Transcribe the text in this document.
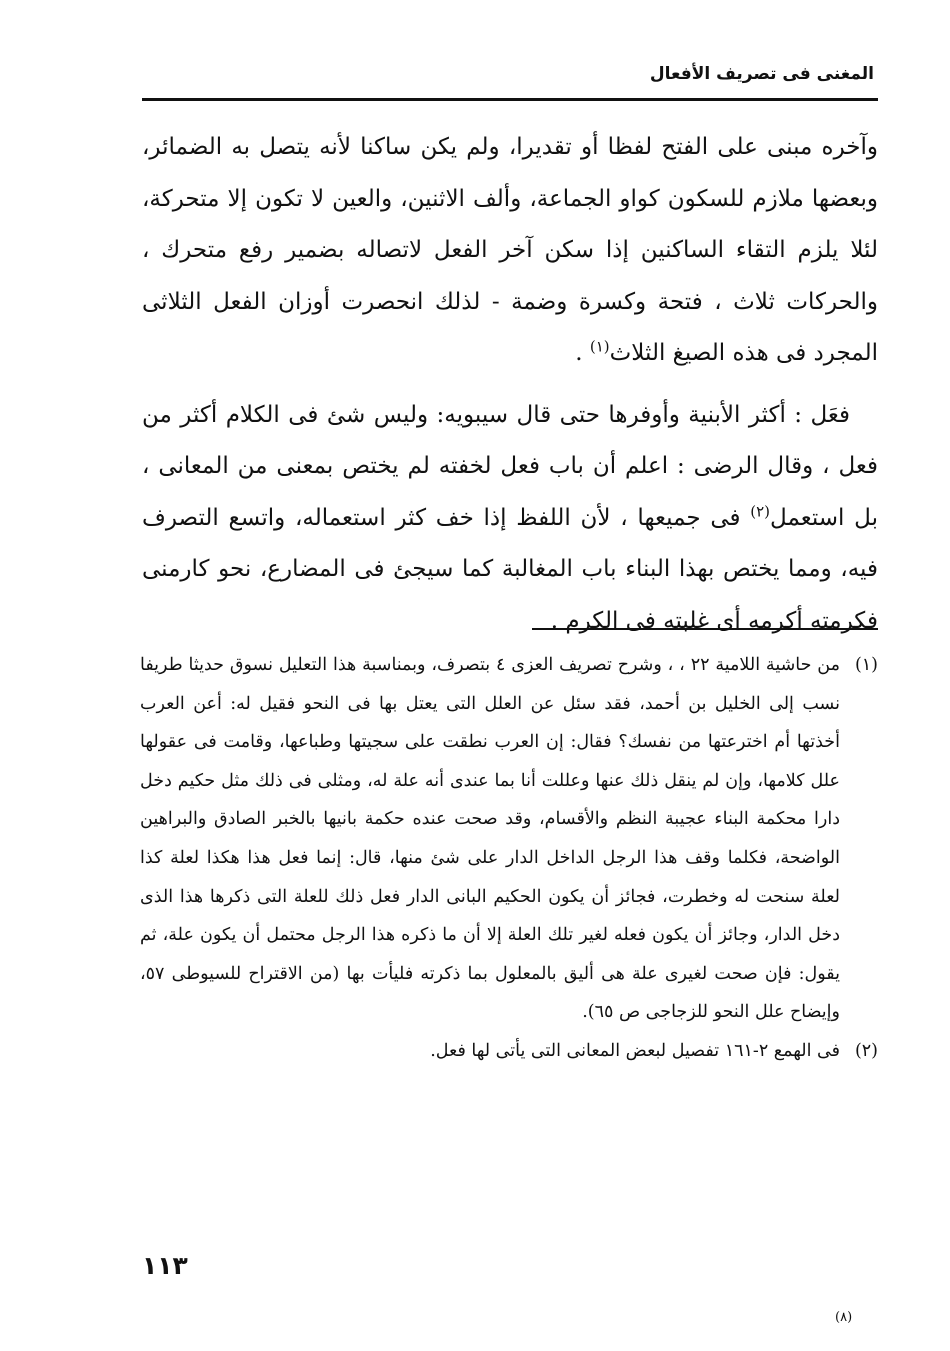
المغنى فى تصريف الأفعال

وآخره مبنى على الفتح لفظا أو تقديرا، ولم يكن ساكنا لأنه يتصل به الضمائر، وبعضها ملازم للسكون كواو الجماعة، وألف الاثنين، والعين لا تكون إلا متحركة، لئلا يلزم التقاء الساكنين إذا سكن آخر الفعل لاتصاله بضمير رفع متحرك ، والحركات ثلاث ، فتحة وكسرة وضمة - لذلك انحصرت أوزان الفعل الثلاثى المجرد فى هذه الصيغ الثلاث$^{(١)}$ .

فعَل : أكثر الأبنية وأوفرها حتى قال سيبويه: وليس شئ فى الكلام أكثر من فعل ، وقال الرضى : اعلم أن باب فعل لخفته لم يختص بمعنى من المعانى ، بل استعمل$^{(٢)}$ فى جميعها ، لأن اللفظ إذا خف كثر استعماله، واتسع التصرف فيه، ومما يختص بهذا البناء باب المغالبة كما سيجئ فى المضارع، نحو كارمنى فكرمته أكرمه أى غلبته فى الكرم .

(١)
من حاشية اللامية ٢٢ ، ، وشرح تصريف العزى ٤ بتصرف، وبمناسبة هذا التعليل نسوق حديثا طريفا نسب إلى الخليل بن أحمد، فقد سئل عن العلل التى يعتل بها فى النحو فقيل له: أعن العرب أخذتها أم اخترعتها من نفسك؟ فقال: إن العرب نطقت على سجيتها وطباعها، وقامت فى عقولها علل كلامها، وإن لم ينقل ذلك عنها وعللت أنا بما عندى أنه علة له، ومثلى فى ذلك مثل حكيم دخل دارا محكمة البناء عجيبة النظم والأقسام، وقد صحت عنده حكمة بانيها بالخبر الصادق والبراهين الواضحة، فكلما وقف هذا الرجل الداخل الدار على شئ منها، قال: إنما فعل هذا هكذا لعلة كذا لعلة سنحت له وخطرت، فجائز أن يكون الحكيم البانى الدار فعل ذلك للعلة التى ذكرها هذا الذى دخل الدار، وجائز أن يكون فعله لغير تلك العلة إلا أن ما ذكره هذا الرجل محتمل أن يكون علة، ثم يقول: فإن صحت لغيرى علة هى أليق بالمعلول بما ذكرته فليأت بها (من الاقتراح للسيوطى ٥٧، وإيضاح علل النحو للزجاجى ص ٦٥).
(٢)
فى الهمع ٢-١٦١ تفصيل لبعض المعانى التى يأتى لها فعل.
١١٣
(٨)
